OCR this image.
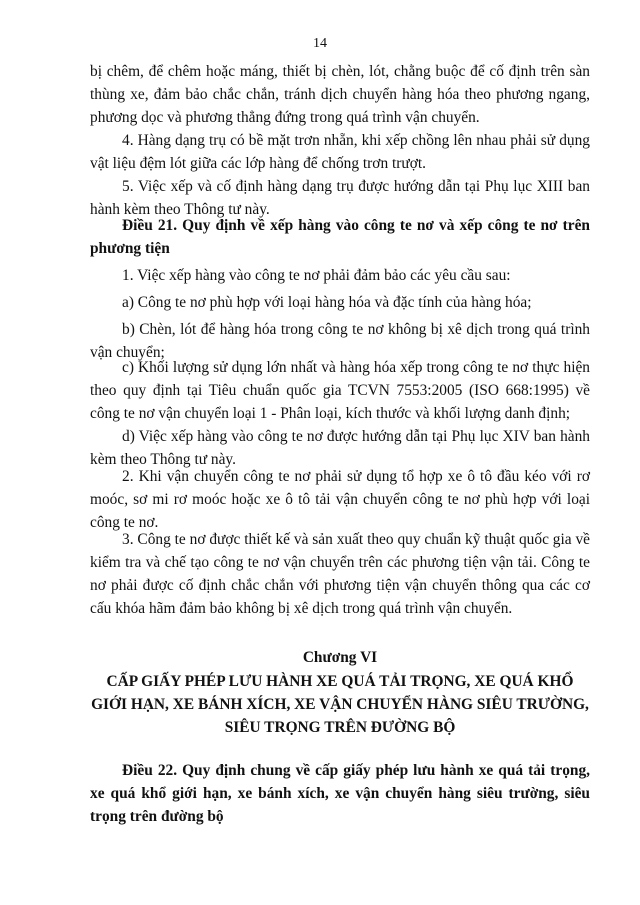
14

bị chêm, để chêm hoặc máng, thiết bị chèn, lót, chằng buộc để cố định trên sàn thùng xe, đảm bảo chắc chắn, tránh dịch chuyển hàng hóa theo phương ngang, phương dọc và phương thẳng đứng trong quá trình vận chuyển.

4. Hàng dạng trụ có bề mặt trơn nhẵn, khi xếp chồng lên nhau phải sử dụng vật liệu đệm lót giữa các lớp hàng để chống trơn trượt.

5. Việc xếp và cố định hàng dạng trụ được hướng dẫn tại Phụ lục XIII ban hành kèm theo Thông tư này.

Điều 21. Quy định về xếp hàng vào công te nơ và xếp công te nơ trên phương tiện

1. Việc xếp hàng vào công te nơ phải đảm bảo các yêu cầu sau:

a) Công te nơ phù hợp với loại hàng hóa và đặc tính của hàng hóa;

b) Chèn, lót để hàng hóa trong công te nơ không bị xê dịch trong quá trình vận chuyển;

c) Khối lượng sử dụng lớn nhất và hàng hóa xếp trong công te nơ thực hiện theo quy định tại Tiêu chuẩn quốc gia TCVN 7553:2005 (ISO 668:1995) về công te nơ vận chuyển loại 1 - Phân loại, kích thước và khối lượng danh định;

d) Việc xếp hàng vào công te nơ được hướng dẫn tại Phụ lục XIV ban hành kèm theo Thông tư này.

2. Khi vận chuyển công te nơ phải sử dụng tổ hợp xe ô tô đầu kéo với rơ moóc, sơ mi rơ moóc hoặc xe ô tô tải vận chuyển công te nơ phù hợp với loại công te nơ.

3. Công te nơ được thiết kế và sản xuất theo quy chuẩn kỹ thuật quốc gia về kiểm tra và chế tạo công te nơ vận chuyển trên các phương tiện vận tải. Công te nơ phải được cố định chắc chắn với phương tiện vận chuyển thông qua các cơ cấu khóa hãm đảm bảo không bị xê dịch trong quá trình vận chuyển.

Chương VI

CẤP GIẤY PHÉP LƯU HÀNH XE QUÁ TẢI TRỌNG, XE QUÁ KHỔ

GIỚI HẠN, XE BÁNH XÍCH, XE VẬN CHUYỂN HÀNG SIÊU TRƯỜNG,

SIÊU TRỌNG TRÊN ĐƯỜNG BỘ

Điều 22. Quy định chung về cấp giấy phép lưu hành xe quá tải trọng, xe quá khổ giới hạn, xe bánh xích, xe vận chuyển hàng siêu trường, siêu trọng trên đường bộ
